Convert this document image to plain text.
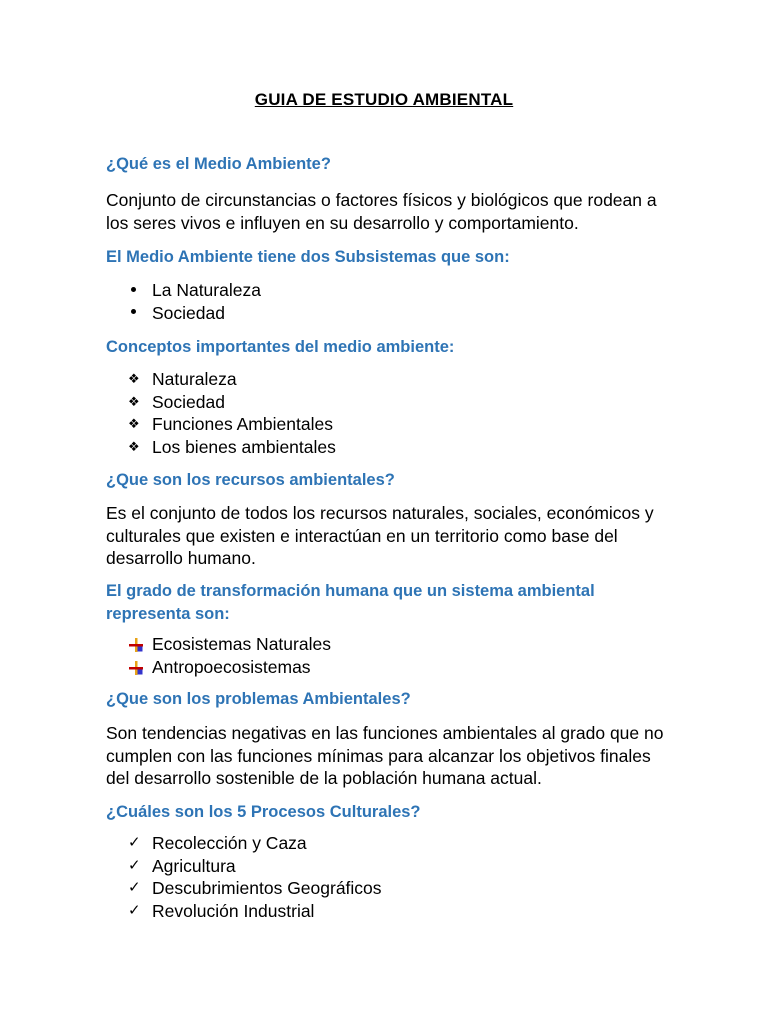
GUIA DE ESTUDIO AMBIENTAL
¿Qué es el Medio Ambiente?
Conjunto de circunstancias o factores físicos y biológicos que rodean a los seres vivos e influyen en su desarrollo y comportamiento.
El Medio Ambiente tiene dos Subsistemas que son:
La Naturaleza
Sociedad
Conceptos importantes del medio ambiente:
❖ Naturaleza
❖ Sociedad
❖ Funciones Ambientales
❖ Los bienes ambientales
¿Que son los recursos ambientales?
Es el conjunto de todos los recursos naturales, sociales, económicos y culturales que existen e interactúan en un territorio como base del desarrollo humano.
El grado de transformación humana que un sistema ambiental representa son:
Ecosistemas Naturales
Antropoecosistemas
¿Que son los problemas Ambientales?
Son tendencias negativas en las funciones ambientales al grado que no cumplen con las funciones mínimas para alcanzar los objetivos finales del desarrollo sostenible de la población humana actual.
¿Cuáles son los 5 Procesos Culturales?
✓ Recolección y Caza
✓ Agricultura
✓ Descubrimientos Geográficos
✓ Revolución Industrial
